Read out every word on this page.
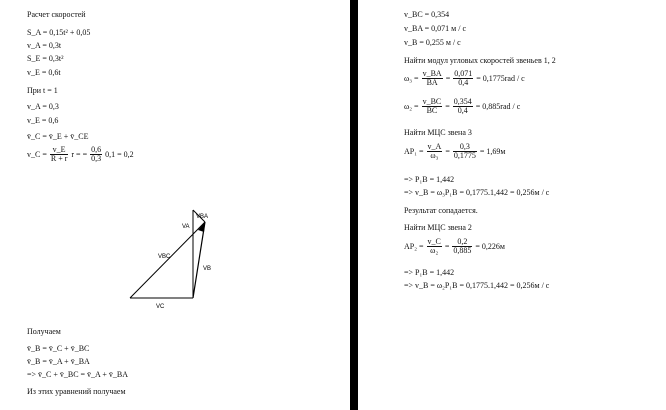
Расчет скоростей
S_A = 0,15t² + 0,05
v_A = 0,3t
S_E = 0,3t²
v_E = 0,6t
При t = 1
v_A = 0,3
v_E = 0,6
v̄_C = v̄_E + v̄_CE
v_C = $\frac{v\_E}{R + r}$ r = = $\frac{0,6}{0,3} 0,1 = 0,2$
VBA
VA
VBC
VB
VC
Получаем
v̄_B = v̄_C + v̄_BC
v̄_B = v̄_A + v̄_BA
=> v̄_C + v̄_BC = v̄_A + v̄_BA
Из этих уравнений получаем
v_BC = 0,354
v_BA = 0,071 м / с
v_B = 0,255 м / с
Найти модул угловых скоростей звеньев 1, 2
$\omega_3 = \frac{v\_BA}{BA} = \frac{0,071}{0,4} = 0,1775rad / c$
$\omega_2 = \frac{v\_BC}{BC} = \frac{0,354}{0,4} = 0,885rad / c$
Найти МЦС звена 3
$AP_1 = \frac{v\_A}{\text{ω₃}} = \frac{0,3}{0,1775} = 1,69м$
=> P₁B = 1,442
=> v_B = ω₃P₁B = 0,1775.1,442 = 0,256м / с
Результат сопадается.
Найти МЦС звена 2
$AP_2 = \frac{v\_C}{\text{ω₂}} = \frac{0,2}{0,885} = 0,226м$
=> P₁B = 1,442
=> v_B = ω₂P₁B = 0,1775.1,442 = 0,256м / с
